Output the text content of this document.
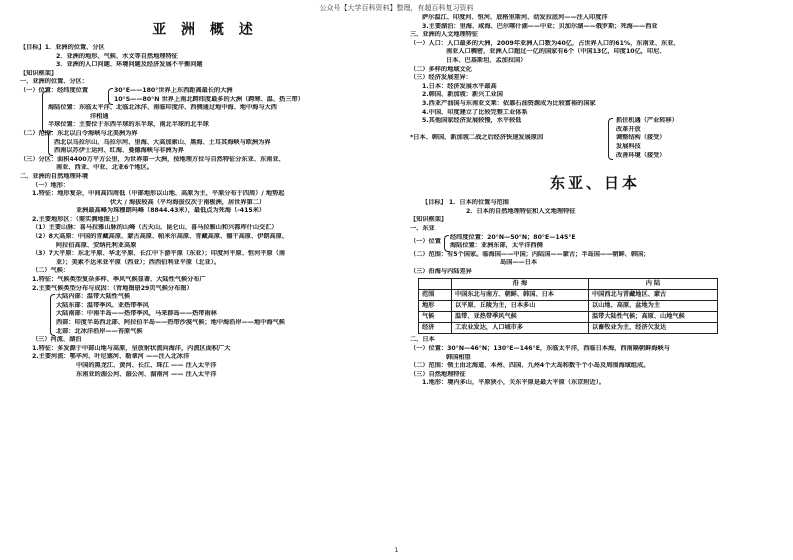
公众号【大学百科资料】整理，有超百科复习资料
亚 洲 概 述
【目标】1．亚洲的位置、分区
2．亚洲的地形、气候、水文等自然地理特征
3．亚洲的人口问题、环境问题及经济发展不平衡问题
【知识框架】
一、亚洲的位置、分区：
（一）位置：经纬度位置	30°E——180°世界上东西距离最长的大洲
10°S——80°N 世界上南北跨纬度最多的大洲（跨寒、温、热三带）
海陆位置：东临太平洋、北临北冰洋、南临印度洋、西侧通过地中海、地中海与大西
洋相通
半球位置：主要位于东西半球的东半球，南北半球的北半球
（二）范围：东北以白令海峡与北美洲为界
西北以乌拉尔山、乌拉尔河、里海、大高加索山、黑海、土耳其海峡与欧洲为界
西南以苏伊士运河、红海、曼德海峡与非洲为界
（三）分区：面积4400万平方公里，为世界第一大洲，按地理方位与自然特征分东亚、东南亚、
南亚、西亚、中亚、北亚6个地区。
二、亚洲的自然地理环境
（一）地形：
1.特征：地形复杂，中间高四周低（中部地形以山地、高原为主，平原分布于四周）/ 地势起
伏大 / 海拔较高（平均海拔仅次于南极洲，居世界第二）
亚洲最高峰为珠穆朗玛峰（8844.43米），最低点为死海（-415米）
2.主要地形区：（需实测地图上）
（1）主要山脉：喜马拉雅山脉的山峰（古天山、昆仑山、喜马拉雅山和兴都库什山交汇）
（2）8大高原：中国的青藏高原、蒙古高原、帕米尔高原、青藏高原、德干高原、伊朗高原、
阿拉伯高原、安纳托利亚高原
（3）7大平原：东北平原、华北平原、长江中下游平原（东亚）；印度河平原、恒河平原（南
亚）；美索不达米亚平原（西亚）；西西伯利亚平原（北亚）。
（二）气候：
1.特征：气候类型复杂多样、季风气候显著、大陆性气候分布广
2.主要气候类型分布与成因：（背地图册29页气候分布图）
大陆内部：温带大陆性气候
大陆东部：温带季风、亚热带季风
大陆南部：中南半岛——热带季风，马来群岛——热带雨林
西部：印度半岛西北部、阿拉伯半岛——热带沙漠气候；地中海沿岸——地中海气候
北部：北冰洋沿岸——苔原气候
（三）河流、湖泊
1.特征：多发源于中部山地与高原，呈放射状流向海洋，内流区面积广大
2.主要河流：鄂毕河、叶尼塞河、勒拿河 ——注入北冰洋
中国的黑龙江、黄河、长江、珠江 —— 注入太平洋
东南亚的湄公河、湄公河、湄南河 —— 注入太平洋
萨尔温江、印度河、恒河、底格里斯河、幼发拉底河——注入印度洋
3.主要湖泊：里海、咸海、巴尔喀什湖——中亚；贝加尔湖——俄罗斯；死海——西亚
三、亚洲的人文地理特征
（一）人口：人口最多的大洲，2009年亚洲人口数为40亿，占世界人口的61%，东南亚、东亚、
南亚人口稠密，亚洲人口超过一亿的国家有6个（中国13亿，印度10亿，印尼、
日本、巴基斯坦、孟加拉国）
（二）多样的地域文化
（三）经济发展差异：
1.日本：经济发展水平最高
2.韩国、新加坡：新兴工业国
3.西亚产油国与东南亚文莱：依靠石油资源成为比较富裕的国家
4.中国、印度建立了比较完整工业体系
5.其他国家经济发展较慢，水平较低
*日本、韩国、新加坡二战之后经济快速发展原因
抓住机遇（产业转移）
改革开放
调整结构（接受）
发展科技
改善环境（接受）
东亚、日本
【目标】 1．日本的位置与范围
2．日本的自然地理特征和人文地理特征
【知识框架】
一、东亚
（一）位置
经纬度位置：20°N—50°N；80°E—145°E
海陆位置：亚洲东部，太平洋西侧
（二）范围：有5个国家。临海国——中国；内陆国——蒙古；半岛国——朝鲜、韩国；
岛国——日本
（三）沿海与内陆差异
	沿 海	内 陆
范围	中国东北与南方、朝鲜、韩国、日本	中国西北与青藏地区、蒙古
地形	以平原、丘陵为主，日本多山	以山地、高原、盆地为主
气候	温带、亚热带季风气候	温带大陆性气候；高原、山地气候
经济	工农业发达，人口城市多	以畜牧业为主，经济欠发达
二、日本
（一）位置：30°N—46°N；130°E—146°E，东临太平洋，西临日本海，西南隔朝鲜海峡与
韩国相望
（二）范围：领土由北海道、本州、四国、九州4个大岛和数千个小岛及周围海域组成。
（三）自然地理特征
1.地形：境内多山，平原狭小，关东平原是最大平原（东京附近）。
1
